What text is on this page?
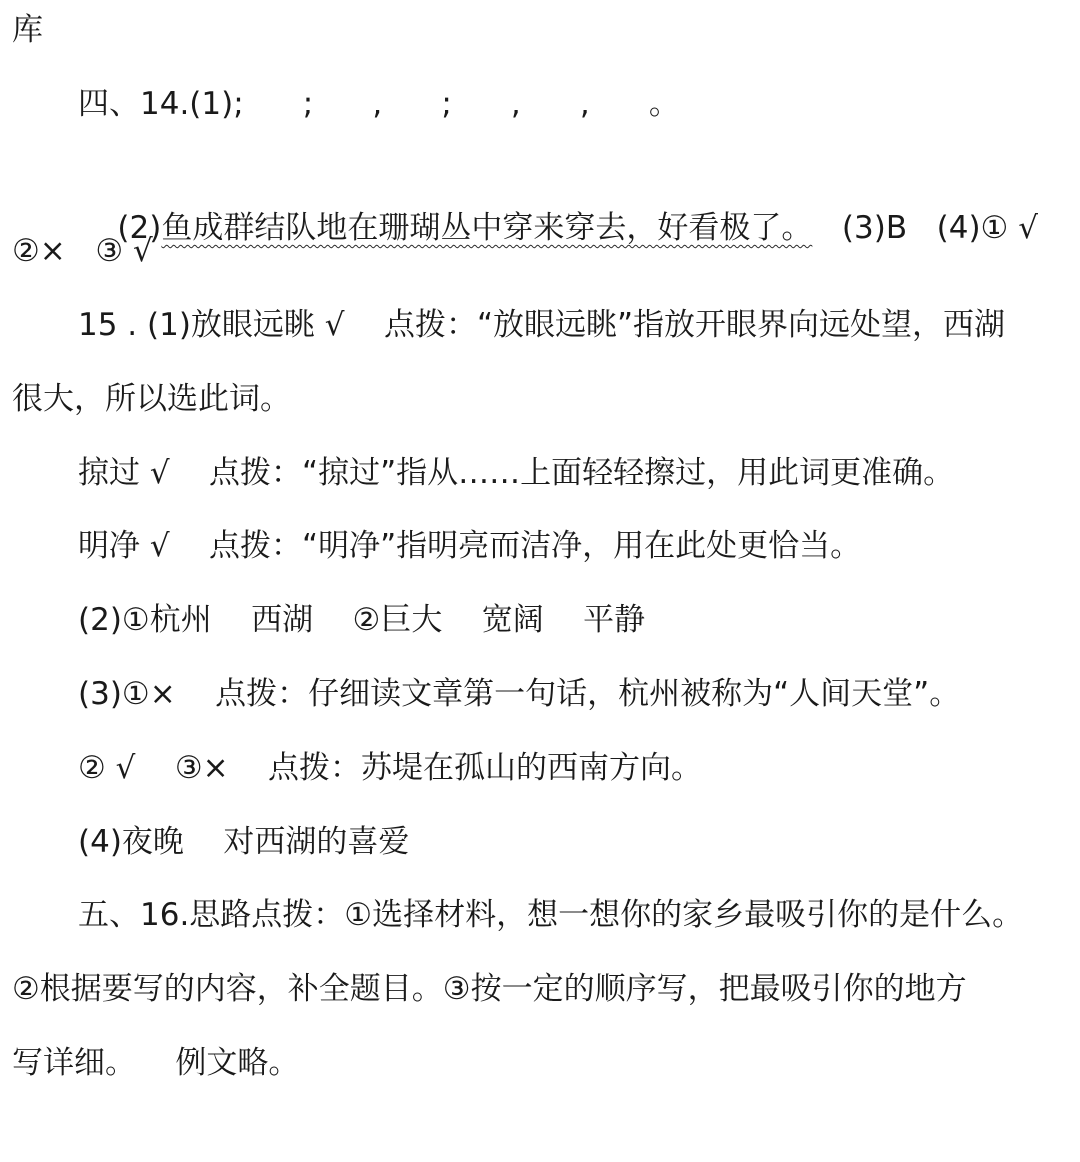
库
四、14.(1);      ;      ,      ;      ,      ,      。

(2)鱼成群结队地在珊瑚丛中穿来穿去，好看极了。   (3)B   (4)① √

②×   ③ √
15 . (1)放眼远眺 √    点拨：“放眼远眺”指放开眼界向远处望，西湖
很大，所以选此词。
掠过 √    点拨：“掠过”指从……上面轻轻擦过，用此词更准确。
明净 √    点拨：“明净”指明亮而洁净，用在此处更恰当。
(2)①杭州    西湖    ②巨大    宽阔    平静
(3)①×    点拨：仔细读文章第一句话，杭州被称为“人间天堂”。
② √    ③×    点拨：苏堤在孤山的西南方向。
(4)夜晚    对西湖的喜爱
五、16.思路点拨：①选择材料，想一想你的家乡最吸引你的是什么。
②根据要写的内容，补全题目。③按一定的顺序写，把最吸引你的地方
写详细。    例文略。
